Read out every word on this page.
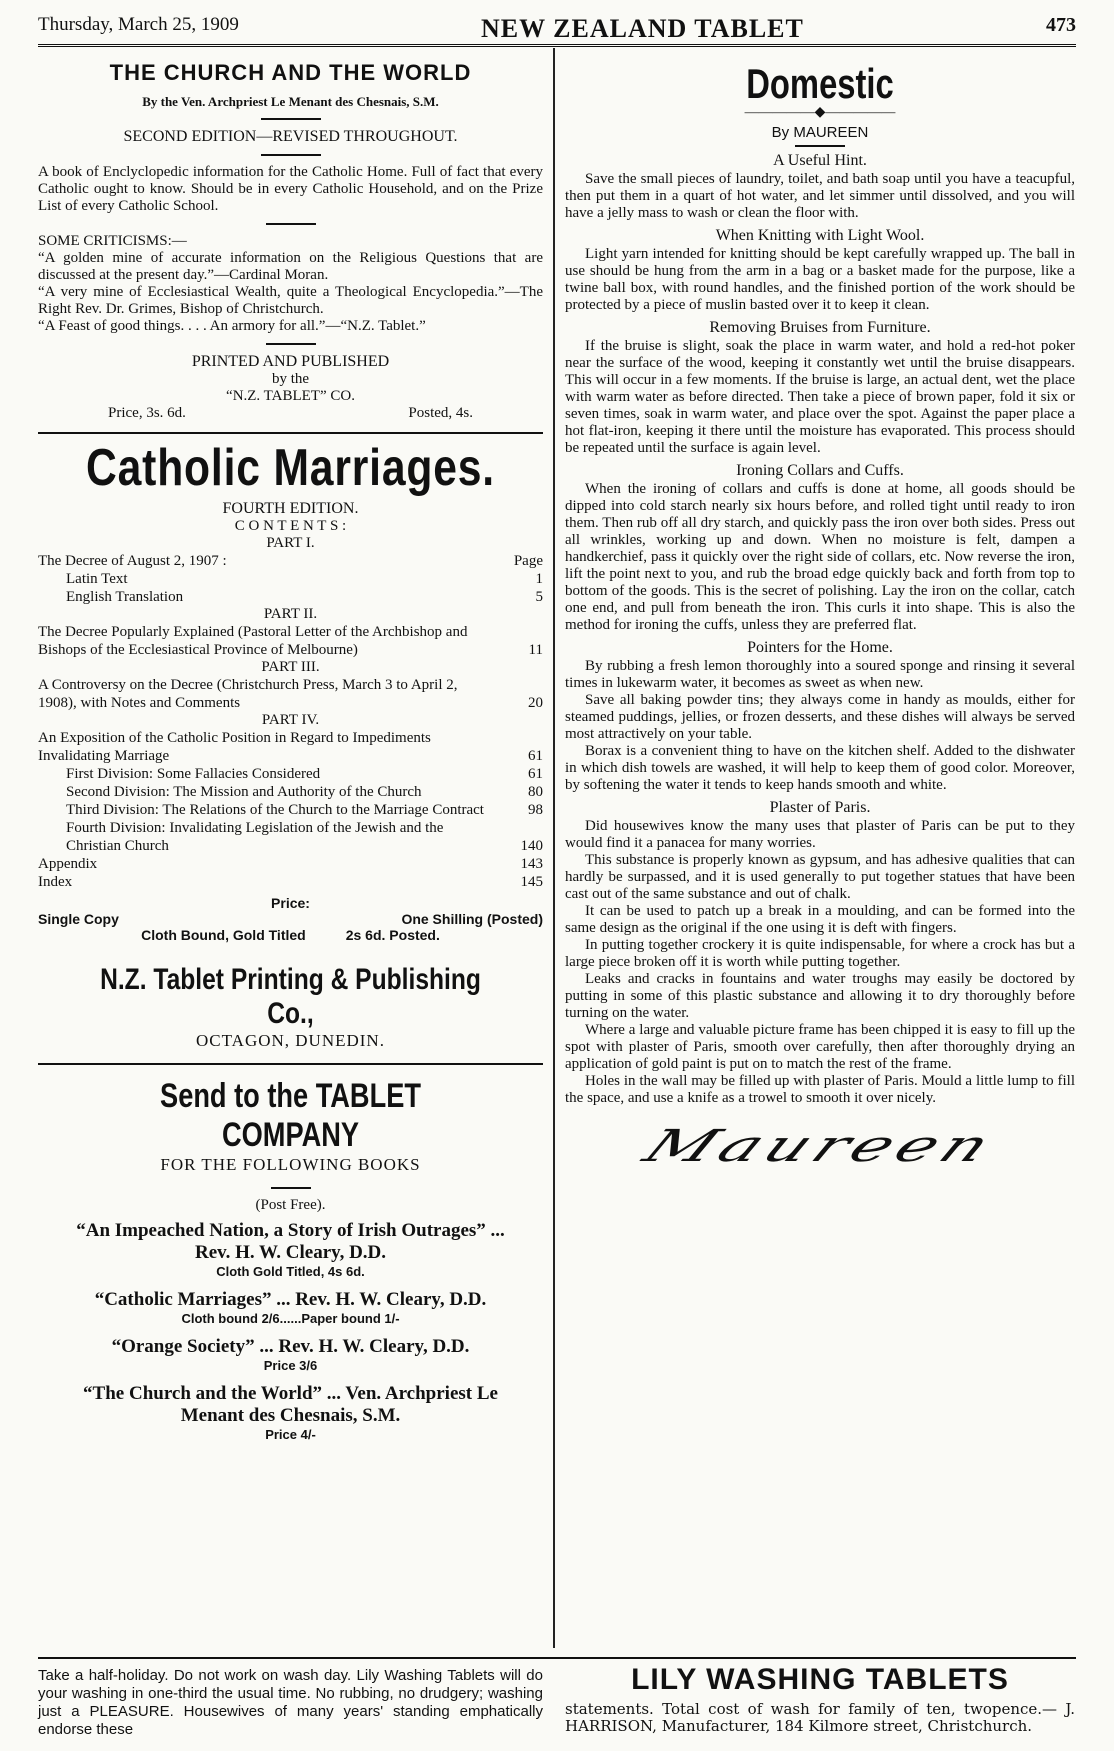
Thursday, March 25, 1909	NEW ZEALAND TABLET	473
THE CHURCH AND THE WORLD
By the Ven. Archpriest Le Menant des Chesnais, S.M.
SECOND EDITION—REVISED THROUGHOUT.

A book of Enclyclopedic information for the Catholic Home. Full of fact that every Catholic ought to know. Should be in every Catholic Household, and on the Prize List of every Catholic School.

SOME CRITICISMS:—

“A golden mine of accurate information on the Religious Questions that are discussed at the present day.”—Cardinal Moran.

“A very mine of Ecclesiastical Wealth, quite a Theological Encyclopedia.”—The Right Rev. Dr. Grimes, Bishop of Christchurch.

“A Feast of good things. . . . An armory for all.”—“N.Z. Tablet.”

PRINTED AND PUBLISHED
by the
“N.Z. TABLET” CO.
Price, 3s. 6d.	Posted, 4s.
Catholic Marriages.
FOURTH EDITION.
C O N T E N T S :
PART I.
The Decree of August 2, 1907 :	Page
Latin Text	1
English Translation	5
PART II.
The Decree Popularly Explained (Pastoral Letter of the Archbishop and Bishops of the Ecclesiastical Province of Melbourne)	11
PART III.
A Controversy on the Decree (Christchurch Press, March 3 to April 2, 1908), with Notes and Comments	20
PART IV.
An Exposition of the Catholic Position in Regard to Impediments Invalidating Marriage	61
First Division: Some Fallacies Considered	61
Second Division: The Mission and Authority of the Church	80
Third Division: The Relations of the Church to the Marriage Contract	98
Fourth Division: Invalidating Legislation of the Jewish and the Christian Church	140
Appendix	143
Index	145
Price:
Single Copy	One Shilling (Posted)
Cloth Bound, Gold Titled	2s 6d. Posted.
N.Z. Tablet Printing & Publishing Co.,
OCTAGON, DUNEDIN.
Send to the TABLET COMPANY
FOR THE FOLLOWING BOOKS
(Post Free).
“An Impeached Nation, a Story of Irish Outrages” ... Rev. H. W. Cleary, D.D.
Cloth Gold Titled, 4s 6d.
“Catholic Marriages” ... Rev. H. W. Cleary, D.D.
Cloth bound 2/6......Paper bound 1/-
“Orange Society” ... Rev. H. W. Cleary, D.D.
Price 3/6
“The Church and the World” ... Ven. Archpriest Le Menant des Chesnais, S.M.
Price 4/-
Domestic
—————◆—————
By MAUREEN
A Useful Hint.

Save the small pieces of laundry, toilet, and bath soap until you have a teacupful, then put them in a quart of hot water, and let simmer until dissolved, and you will have a jelly mass to wash or clean the floor with.

When Knitting with Light Wool.

Light yarn intended for knitting should be kept carefully wrapped up. The ball in use should be hung from the arm in a bag or a basket made for the purpose, like a twine ball box, with round handles, and the finished portion of the work should be protected by a piece of muslin basted over it to keep it clean.

Removing Bruises from Furniture.

If the bruise is slight, soak the place in warm water, and hold a red-hot poker near the surface of the wood, keeping it constantly wet until the bruise disappears. This will occur in a few moments. If the bruise is large, an actual dent, wet the place with warm water as before directed. Then take a piece of brown paper, fold it six or seven times, soak in warm water, and place over the spot. Against the paper place a hot flat-iron, keeping it there until the moisture has evaporated. This process should be repeated until the surface is again level.

Ironing Collars and Cuffs.

When the ironing of collars and cuffs is done at home, all goods should be dipped into cold starch nearly six hours before, and rolled tight until ready to iron them. Then rub off all dry starch, and quickly pass the iron over both sides. Press out all wrinkles, working up and down. When no moisture is felt, dampen a handkerchief, pass it quickly over the right side of collars, etc. Now reverse the iron, lift the point next to you, and rub the broad edge quickly back and forth from top to bottom of the goods. This is the secret of polishing. Lay the iron on the collar, catch one end, and pull from beneath the iron. This curls it into shape. This is also the method for ironing the cuffs, unless they are preferred flat.

Pointers for the Home.

By rubbing a fresh lemon thoroughly into a soured sponge and rinsing it several times in lukewarm water, it becomes as sweet as when new.

Save all baking powder tins; they always come in handy as moulds, either for steamed puddings, jellies, or frozen desserts, and these dishes will always be served most attractively on your table.

Borax is a convenient thing to have on the kitchen shelf. Added to the dishwater in which dish towels are washed, it will help to keep them of good color. Moreover, by softening the water it tends to keep hands smooth and white.

Plaster of Paris.

Did housewives know the many uses that plaster of Paris can be put to they would find it a panacea for many worries.

This substance is properly known as gypsum, and has adhesive qualities that can hardly be surpassed, and it is used generally to put together statues that have been cast out of the same substance and out of chalk.

It can be used to patch up a break in a moulding, and can be formed into the same design as the original if the one using it is deft with fingers.

In putting together crockery it is quite indispensable, for where a crock has but a large piece broken off it is worth while putting together.

Leaks and cracks in fountains and water troughs may easily be doctored by putting in some of this plastic substance and allowing it to dry thoroughly before turning on the water.

Where a large and valuable picture frame has been chipped it is easy to fill up the spot with plaster of Paris, smooth over carefully, then after thoroughly drying an application of gold paint is put on to match the rest of the frame.

Holes in the wall may be filled up with plaster of Paris. Mould a little lump to fill the space, and use a knife as a trowel to smooth it over nicely.

Maureen
Take a half-holiday. Do not work on wash day. Lily Washing Tablets will do your washing in one-third the usual time. No rubbing, no drudgery; washing just a PLEASURE. Housewives of many years' standing emphatically endorse these
LILY WASHING TABLETS

statements. Total cost of wash for family of ten, twopence.— J. HARRISON, Manufacturer, 184 Kilmore street, Christchurch.
